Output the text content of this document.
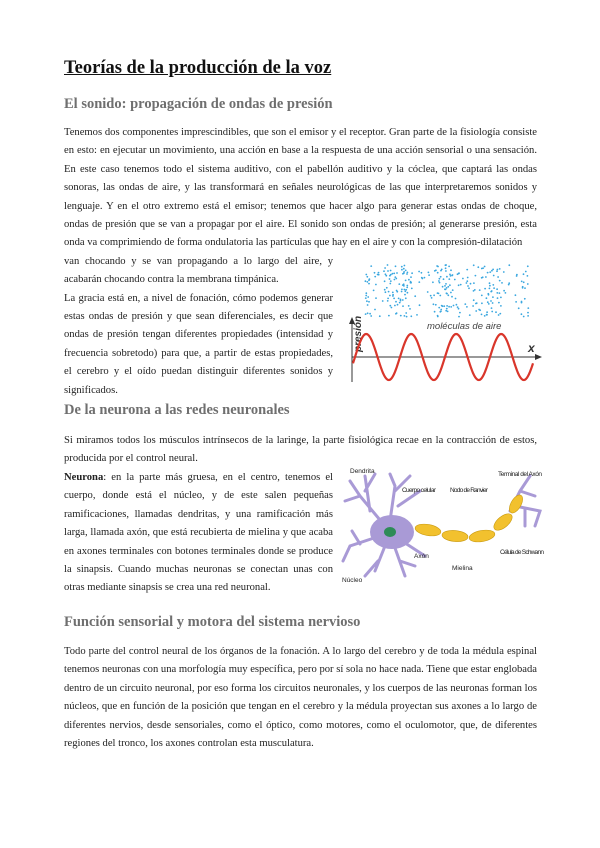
Teorías de la producción de la voz
El sonido: propagación de ondas de presión

Tenemos dos componentes imprescindibles, que son el emisor y el receptor. Gran parte de la fisiología consiste en esto: en ejecutar un movimiento, una acción en base a la respuesta de una acción sensorial o una sensación. En este caso tenemos todo el sistema auditivo, con el pabellón auditivo y la cóclea, que captará las ondas sonoras, las ondas de aire, y las transformará en señales neurológicas de las que interpretaremos sonidos y lenguaje. Y en el otro extremo está el emisor; tenemos que hacer algo para generar estas ondas de choque, ondas de presión que se van a propagar por el aire. El sonido son ondas de presión; al generarse presión, esta onda va comprimiendo de forma ondulatoria las partículas que hay en el aire y con la compresión-dilatación

van chocando y se van propagando a lo largo del aire, y acabarán chocando contra la membrana timpánica.

La gracia está en, a nivel de fonación, cómo podemos generar estas ondas de presión y que sean diferenciales, es decir que ondas de presión tengan diferentes propiedades (intensidad y frecuencia sobretodo) para que, a partir de estas propiedades, el cerebro y el oído puedan distinguir diferentes sonidos y significados.

moléculas de aire
presión	x
De la neurona a las redes neuronales

Si miramos todos los músculos intrínsecos de la laringe, la parte fisiológica recae en la contracción de estos, producida por el control neural.

Neurona: en la parte más gruesa, en el centro, tenemos el cuerpo, donde está el núcleo, y de este salen pequeñas ramificaciones, llamadas dendritas, y una ramificación más larga, llamada axón, que está recubierta de mielina y que acaba en axones terminales con botones terminales donde se produce la sinapsis. Cuando muchas neuronas se conectan unas con otras mediante sinapsis se crea una red neuronal.

Dendrita
Cuerpo celular Nodo de Ranvier
Terminal del Axón
Célula de Schwann
Axón
Mielina
Núcleo
Función sensorial y motora del sistema nervioso

Todo parte del control neural de los órganos de la fonación. A lo largo del cerebro y de toda la médula espinal tenemos neuronas con una morfología muy específica, pero por sí sola no hace nada. Tiene que estar englobada dentro de un circuito neuronal, por eso forma los circuitos neuronales, y los cuerpos de las neuronas forman los núcleos, que en función de la posición que tengan en el cerebro y la médula proyectan sus axones a lo largo de diferentes nervios, desde sensoriales, como el óptico, como motores, como el oculomotor, que, de diferentes regiones del tronco, los axones controlan esta musculatura.
